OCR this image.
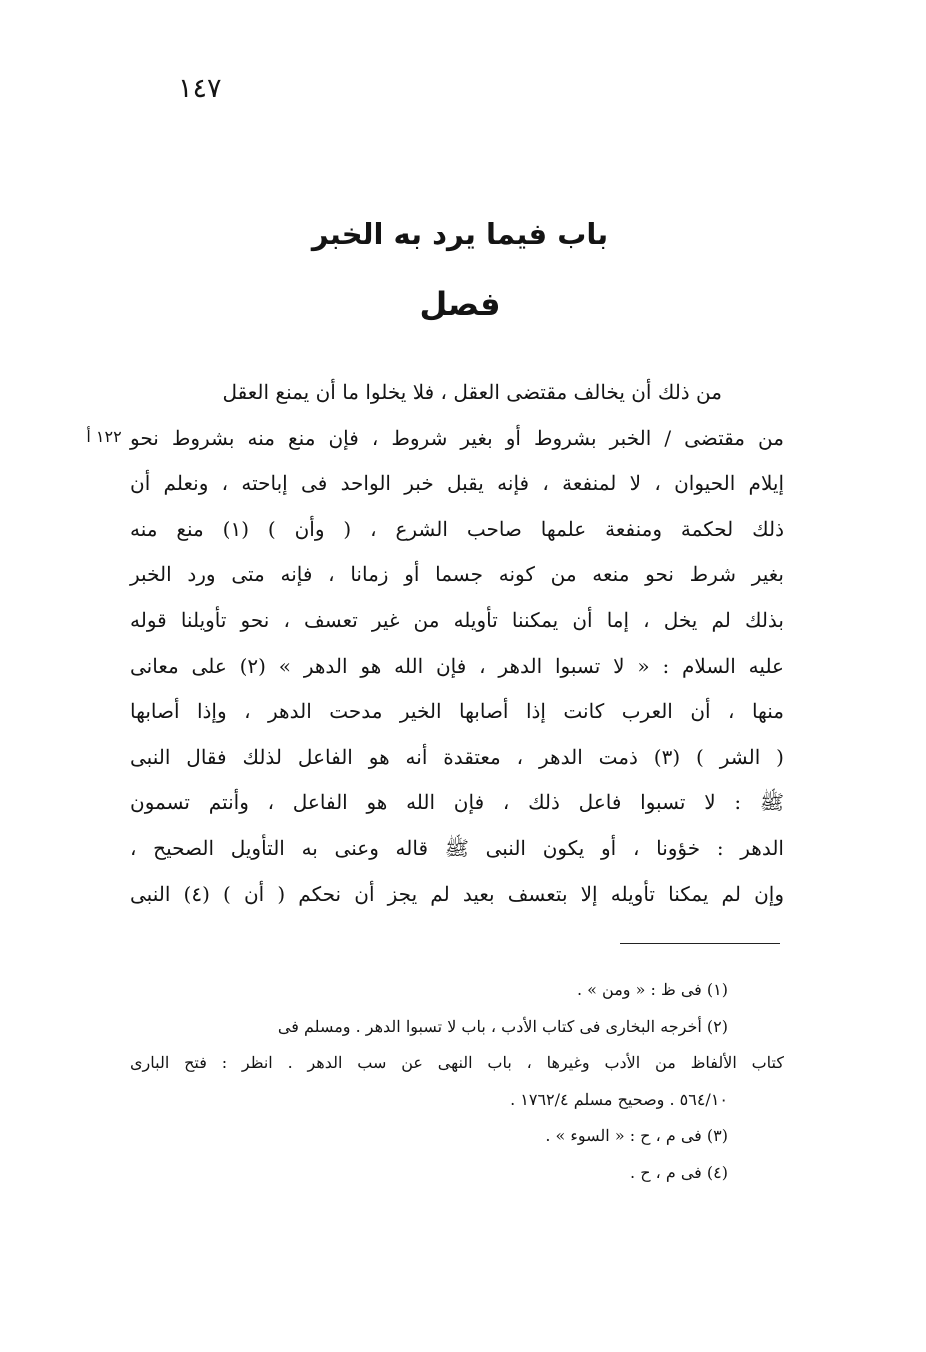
١٤٧
باب فيما يرد به الخبر
فصل
١٢٢ أ
من ذلك أن يخالف مقتضى العقل ، فلا يخلوا ما أن يمنع العقل
من مقتضى / الخبر بشروط أو بغير شروط ، فإن منع منه بشروط نحو
إيلام الحيوان ، لا لمنفعة ، فإنه يقبل خبر الواحد فى إباحته ، ونعلم أن
ذلك لحكمة ومنفعة علمها صاحب الشرع ، ( وأن ) (١) منع منه
بغير شرط نحو منعه من كونه جسما أو زمانا ، فإنه متى ورد الخبر
بذلك لم يخل ، إما أن يمكننا تأويله من غير تعسف ، نحو تأويلنا قوله
عليه السلام : « لا تسبوا الدهر ، فإن الله هو الدهر » (٢) على معانى
منها ، أن العرب كانت إذا أصابها الخير مدحت الدهر ، وإذا أصابها
( الشر ) (٣) ذمت الدهر ، معتقدة أنه هو الفاعل لذلك فقال النبى
ﷺ : لا تسبوا فاعل ذلك ، فإن الله هو الفاعل ، وأنتم تسمون
الدهر : خؤونا ، أو يكون النبى ﷺ قاله وعنى به التأويل الصحيح ،
وإن لم يمكنا تأويله إلا بتعسف بعيد لم يجز أن نحكم ( أن ) (٤) النبى
(١) فى ظ : « ومن » .
(٢) أخرجه البخارى فى كتاب الأدب ، باب لا تسبوا الدهر . ومسلم فى
كتاب الألفاظ من الأدب وغيرها ، باب النهى عن سب الدهر . انظر : فتح البارى
٥٦٤/١٠ . وصحيح مسلم ١٧٦٢/٤ .
(٣) فى م ، ح : « السوء » .
(٤) فى م ، ح .
